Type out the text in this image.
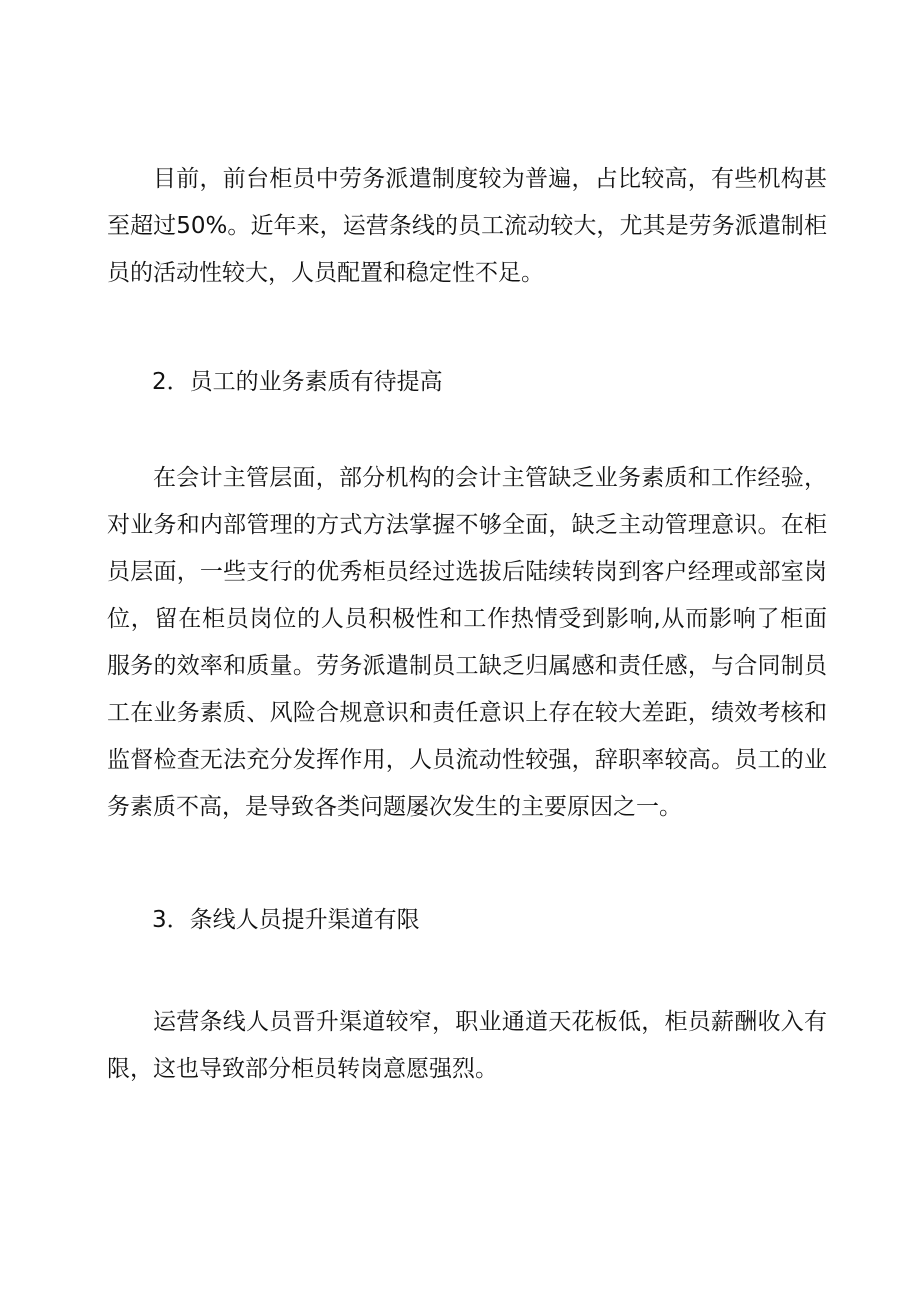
目前，前台柜员中劳务派遣制度较为普遍，占比较高，有些机构甚
至超过50%。近年来，运营条线的员工流动较大，尤其是劳务派遣制柜
员的活动性较大，人员配置和稳定性不足。

2．员工的业务素质有待提高

在会计主管层面，部分机构的会计主管缺乏业务素质和工作经验，
对业务和内部管理的方式方法掌握不够全面，缺乏主动管理意识。在柜
员层面，一些支行的优秀柜员经过选拔后陆续转岗到客户经理或部室岗
位，留在柜员岗位的人员积极性和工作热情受到影响,从而影响了柜面
服务的效率和质量。劳务派遣制员工缺乏归属感和责任感，与合同制员
工在业务素质、风险合规意识和责任意识上存在较大差距，绩效考核和
监督检查无法充分发挥作用，人员流动性较强，辞职率较高。员工的业
务素质不高，是导致各类问题屡次发生的主要原因之一。

3．条线人员提升渠道有限

运营条线人员晋升渠道较窄，职业通道天花板低，柜员薪酬收入有
限，这也导致部分柜员转岗意愿强烈。
